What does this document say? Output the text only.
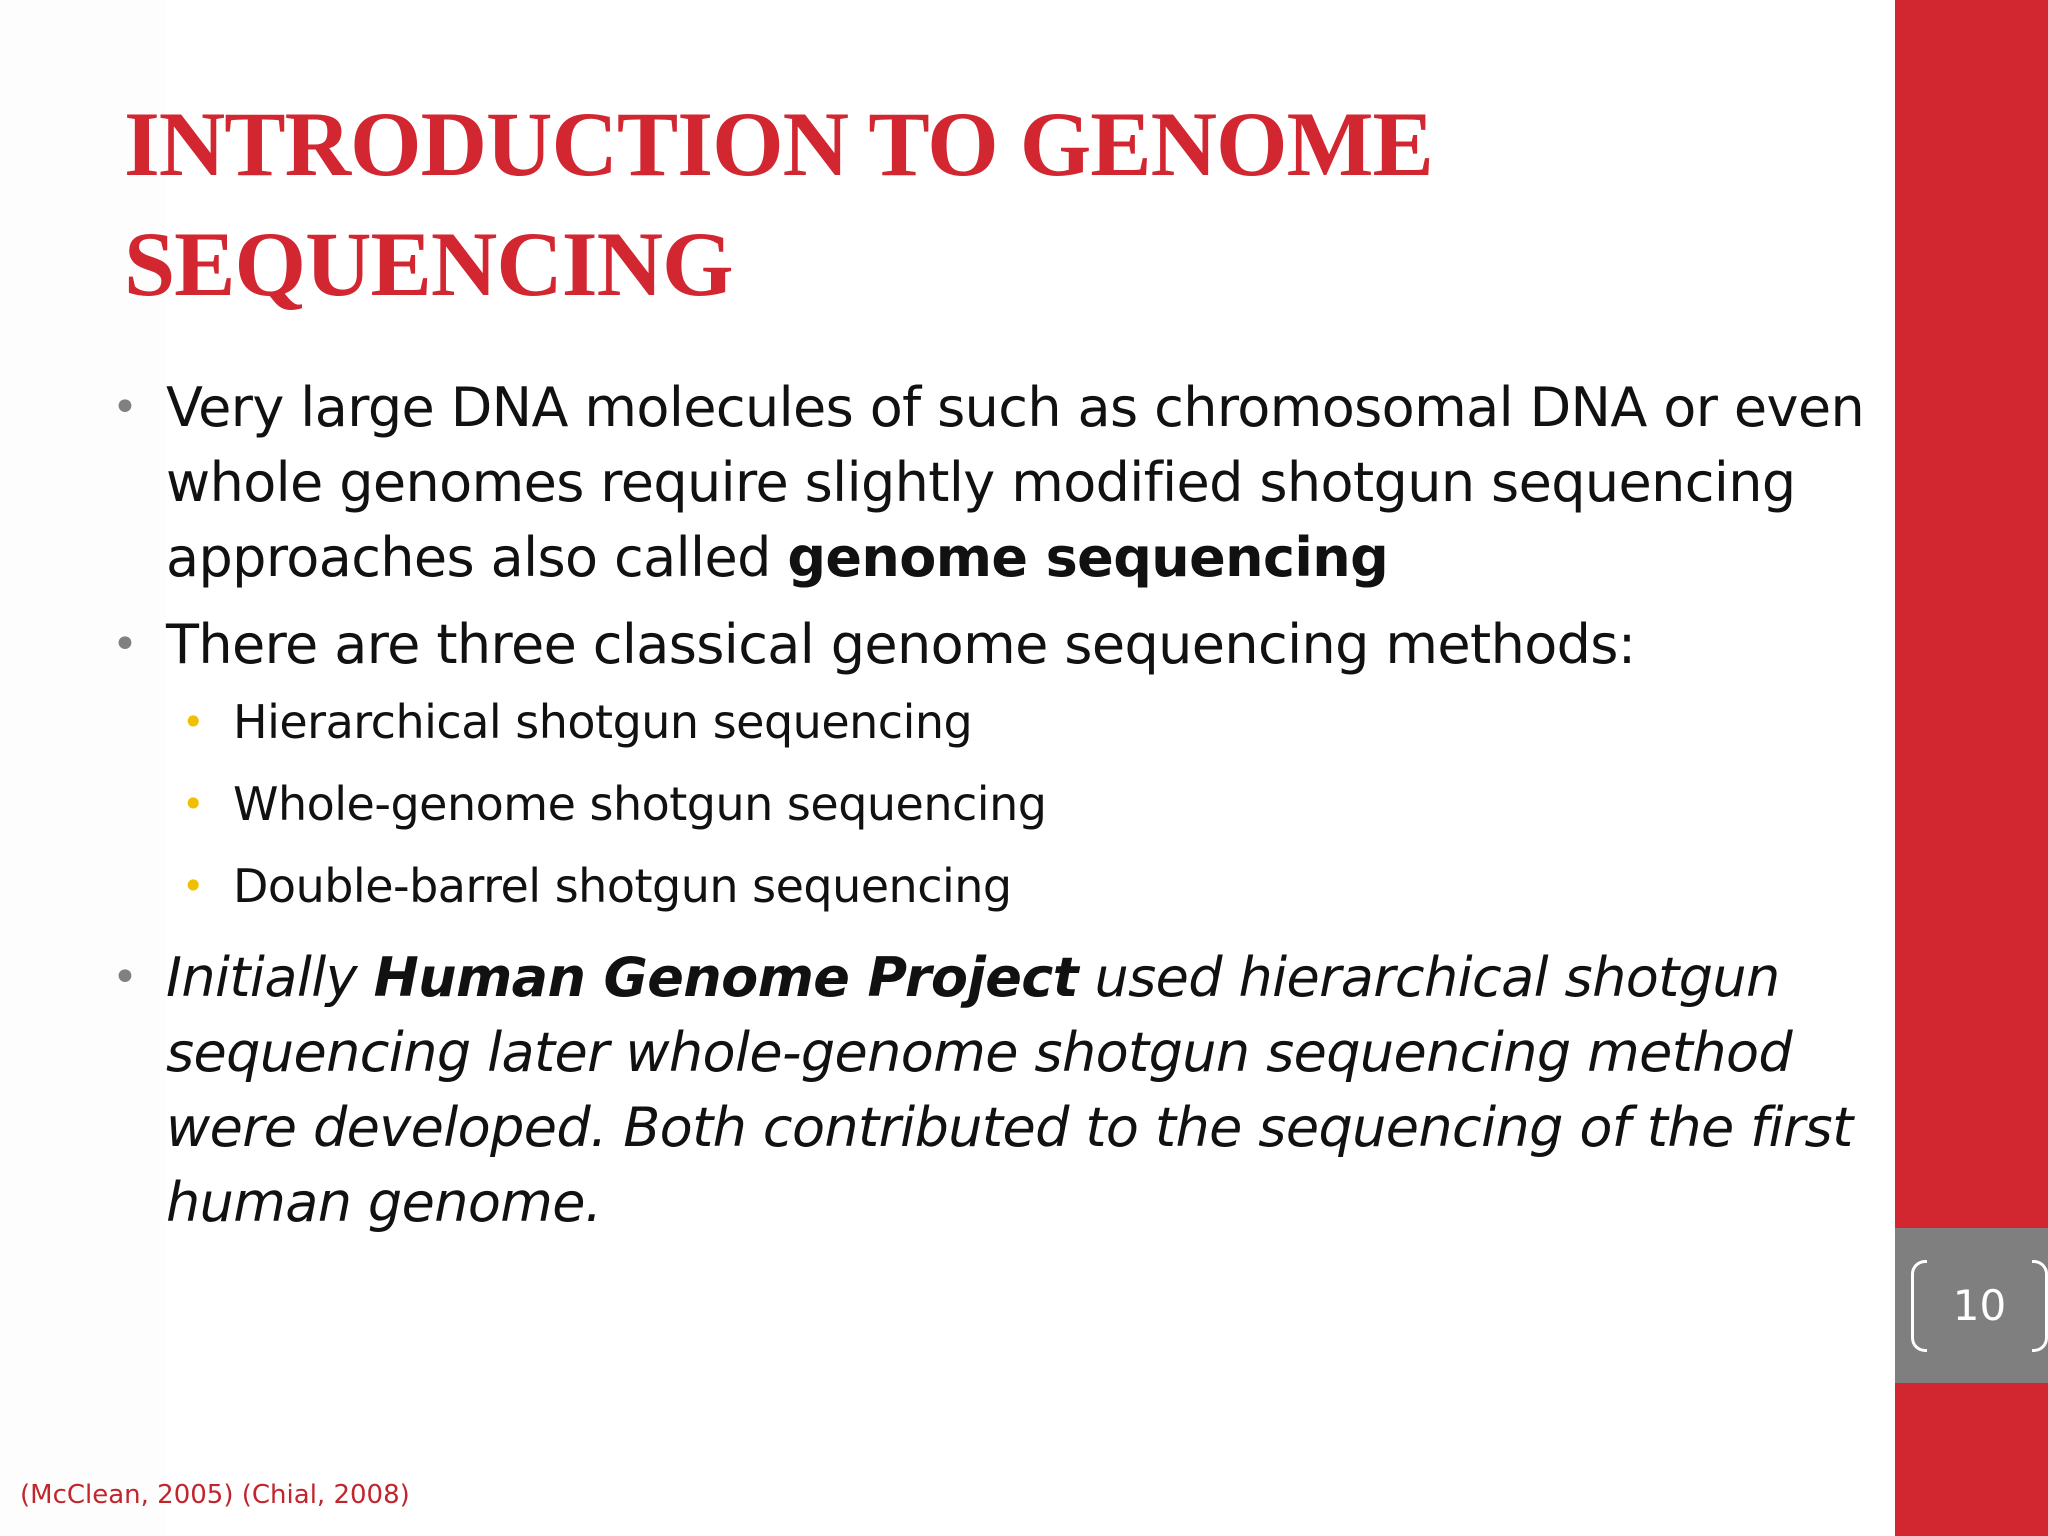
INTRODUCTION TO GENOME
SEQUENCING

• Very large DNA molecules of such as chromosomal DNA or even whole genomes require slightly modified shotgun sequencing approaches also called genome sequencing

• There are three classical genome sequencing methods:

• Hierarchical shotgun sequencing

• Whole-genome shotgun sequencing

• Double-barrel shotgun sequencing

• Initially Human Genome Project used hierarchical shotgun sequencing later whole-genome shotgun sequencing method were developed. Both contributed to the sequencing of the first human genome.

(McClean, 2005) (Chial, 2008)
10
